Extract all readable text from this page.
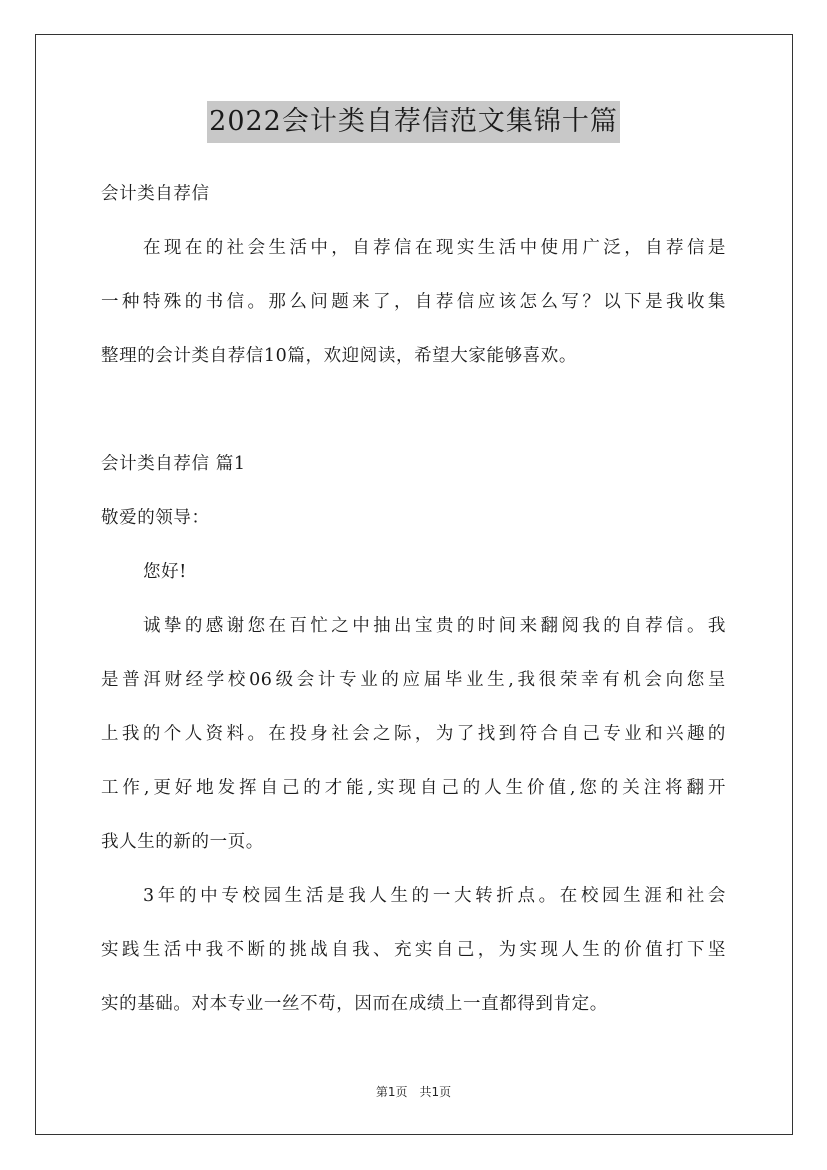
2022会计类自荐信范文集锦十篇

会计类自荐信

在现在的社会生活中，自荐信在现实生活中使用广泛，自荐信是

一种特殊的书信。那么问题来了，自荐信应该怎么写？以下是我收集

整理的会计类自荐信10篇，欢迎阅读，希望大家能够喜欢。

会计类自荐信 篇1

敬爱的领导：

您好!

诚挚的感谢您在百忙之中抽出宝贵的时间来翻阅我的自荐信。我

是普洱财经学校06级会计专业的应届毕业生,我很荣幸有机会向您呈

上我的个人资料。在投身社会之际，为了找到符合自己专业和兴趣的

工作,更好地发挥自己的才能,实现自己的人生价值,您的关注将翻开

我人生的新的一页。

3年的中专校园生活是我人生的一大转折点。在校园生涯和社会

实践生活中我不断的挑战自我、充实自己，为实现人生的价值打下坚

实的基础。对本专业一丝不苟，因而在成绩上一直都得到肯定。

第1页　共1页
